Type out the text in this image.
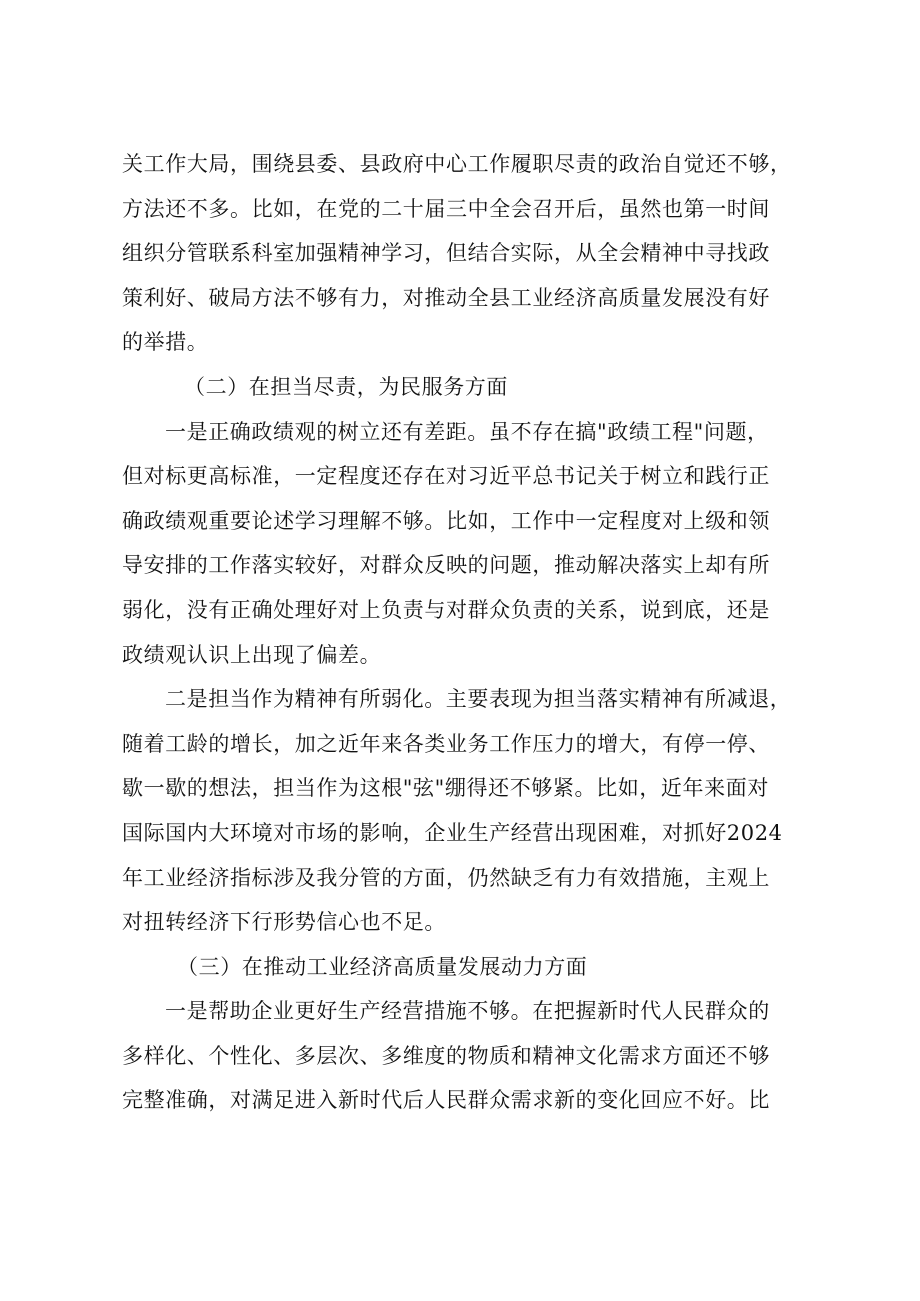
关工作大局，围绕县委、县政府中心工作履职尽责的政治自觉还不够，
方法还不多。比如，在党的二十届三中全会召开后，虽然也第一时间
组织分管联系科室加强精神学习，但结合实际，从全会精神中寻找政
策利好、破局方法不够有力，对推动全县工业经济高质量发展没有好
的举措。
（二）在担当尽责，为民服务方面
一是正确政绩观的树立还有差距。虽不存在搞"政绩工程"问题，
但对标更高标准，一定程度还存在对习近平总书记关于树立和践行正
确政绩观重要论述学习理解不够。比如，工作中一定程度对上级和领
导安排的工作落实较好，对群众反映的问题，推动解决落实上却有所
弱化，没有正确处理好对上负责与对群众负责的关系，说到底，还是
政绩观认识上出现了偏差。
二是担当作为精神有所弱化。主要表现为担当落实精神有所减退，
随着工龄的增长，加之近年来各类业务工作压力的增大，有停一停、
歇一歇的想法，担当作为这根"弦"绷得还不够紧。比如，近年来面对
国际国内大环境对市场的影响，企业生产经营出现困难，对抓好2024
年工业经济指标涉及我分管的方面，仍然缺乏有力有效措施，主观上
对扭转经济下行形势信心也不足。
（三）在推动工业经济高质量发展动力方面
一是帮助企业更好生产经营措施不够。在把握新时代人民群众的
多样化、个性化、多层次、多维度的物质和精神文化需求方面还不够
完整准确，对满足进入新时代后人民群众需求新的变化回应不好。比
